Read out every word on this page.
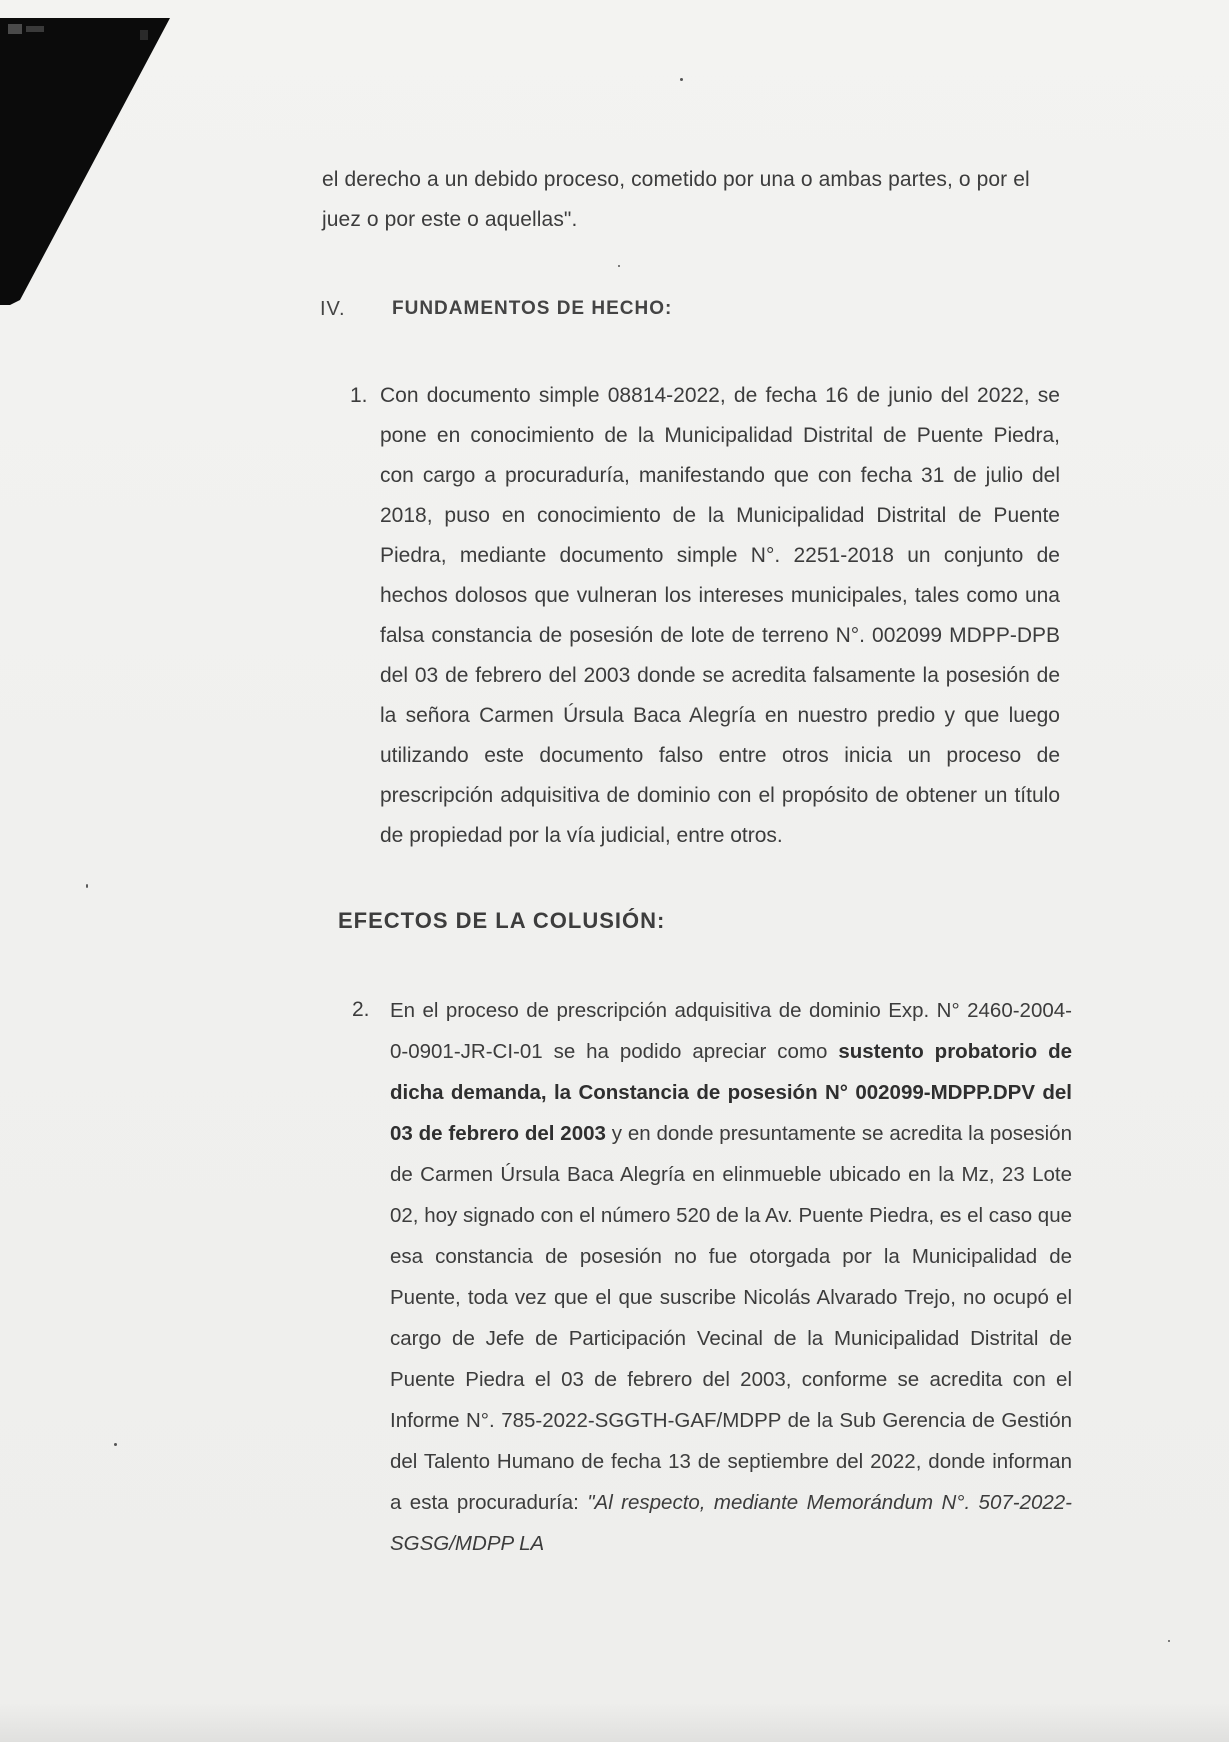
el derecho a un debido proceso, cometido por una o ambas partes, o por el juez o por este o aquellas".
IV. FUNDAMENTOS DE HECHO:
1. Con documento simple 08814-2022, de fecha 16 de junio del 2022, se pone en conocimiento de la Municipalidad Distrital de Puente Piedra, con cargo a procuraduría, manifestando que con fecha 31 de julio del 2018, puso en conocimiento de la Municipalidad Distrital de Puente Piedra, mediante documento simple N°. 2251-2018 un conjunto de hechos dolosos que vulneran los intereses municipales, tales como una falsa constancia de posesión de lote de terreno N°. 002099 MDPP-DPB del 03 de febrero del 2003 donde se acredita falsamente la posesión de la señora Carmen Úrsula Baca Alegría en nuestro predio y que luego utilizando este documento falso entre otros inicia un proceso de prescripción adquisitiva de dominio con el propósito de obtener un título de propiedad por la vía judicial, entre otros.
EFECTOS DE LA COLUSIÓN:
2. En el proceso de prescripción adquisitiva de dominio Exp. N° 2460-2004-0-0901-JR-CI-01 se ha podido apreciar como sustento probatorio de dicha demanda, la Constancia de posesión N° 002099-MDPP.DPV del 03 de febrero del 2003 y en donde presuntamente se acredita la posesión de Carmen Úrsula Baca Alegría en elinmueble ubicado en la Mz, 23 Lote 02, hoy signado con el número 520 de la Av. Puente Piedra, es el caso que esa constancia de posesión no fue otorgada por la Municipalidad de Puente, toda vez que el que suscribe Nicolás Alvarado Trejo, no ocupó el cargo de Jefe de Participación Vecinal de la Municipalidad Distrital de Puente Piedra el 03 de febrero del 2003, conforme se acredita con el Informe N°. 785-2022-SGGTH-GAF/MDPP de la Sub Gerencia de Gestión del Talento Humano de fecha 13 de septiembre del 2022, donde informan a esta procuraduría: "Al respecto, mediante Memorándum N°. 507-2022-SGSG/MDPP LA
